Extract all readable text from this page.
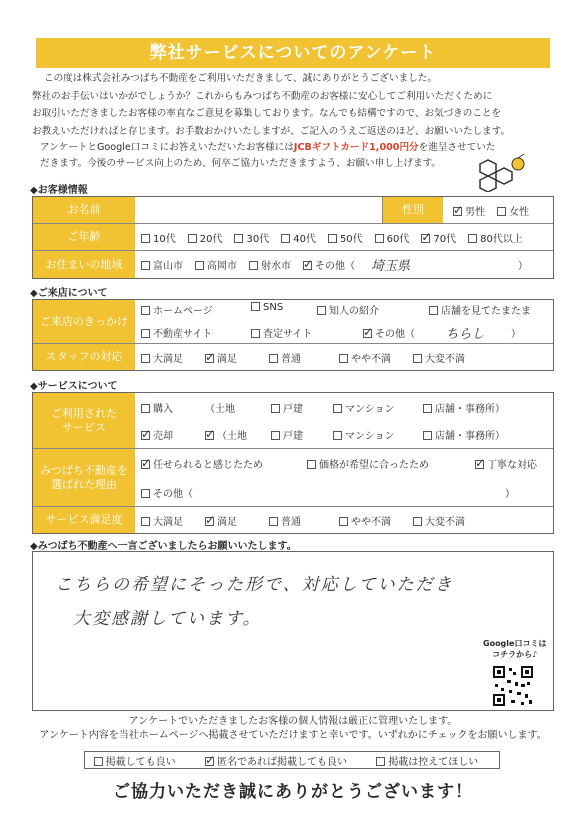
弊社サービスについてのアンケート
この度は株式会社みつばち不動産をご利用いただきまして、誠にありがとうございました。
弊社のお手伝いはいかがでしょうか？これからもみつばち不動産のお客様に安心してご利用いただくために
お取引いただきましたお客様の率直なご意見を募集しております。なんでも結構ですので、お気づきのことを
お教えいただければと存じます。お手数おかけいたしますが、ご記入のうえご返送のほど、お願いいたします。
アンケートとGoogle口コミにお答えいただいたお客様にはJCBギフトカード1,000円分を進呈させていた
だきます。今後のサービス向上のため、何卒ご協力いただきますよう、お願い申し上げます。
◆お客様情報
お名前	性別 ✓	男性	女性
ご年齢	10代	20代	30代	40代	50代	60代 ✓	70代	80代以上
お住まいの地域	富山市	高岡市	射水市 ✓	その他（ 埼玉県	）
◆ご来店について
ご来店のきっかけ
ホームページ	SNS	知人の紹介	店舗を見てたまたま
不動産サイト	査定サイト ✓	その他（	ちらし	）
スタッフの対応	大満足 ✓	満足	普通	やや不満	大変不満
◆サービスについて
ご利用された
サービス
購入	（土地	戸建	マンション	店舗・事務所）
✓売却 ✓	（土地	戸建	マンション	店舗・事務所）
みつばち不動産を
選ばれた理由
✓任せられると感じたため	価格が希望に合ったため ✓	丁寧な対応
その他（	）
サービス満足度	大満足 ✓	満足	普通	やや不満	大変不満
◆みつばち不動産へ一言ございましたらお願いいたします。
こちらの希望にそった形で、対応していただき
大変感謝しています。
Google口コミは
コチラから♪
アンケートでいただきましたお客様の個人情報は厳正に管理いたします。
アンケート内容を当社ホームページへ掲載させていただけますと幸いです。いずれかにチェックをお願いします。
掲載しても良い ✓	匿名であれば掲載しても良い	掲載は控えてほしい
ご協力いただき誠にありがとうございます！
